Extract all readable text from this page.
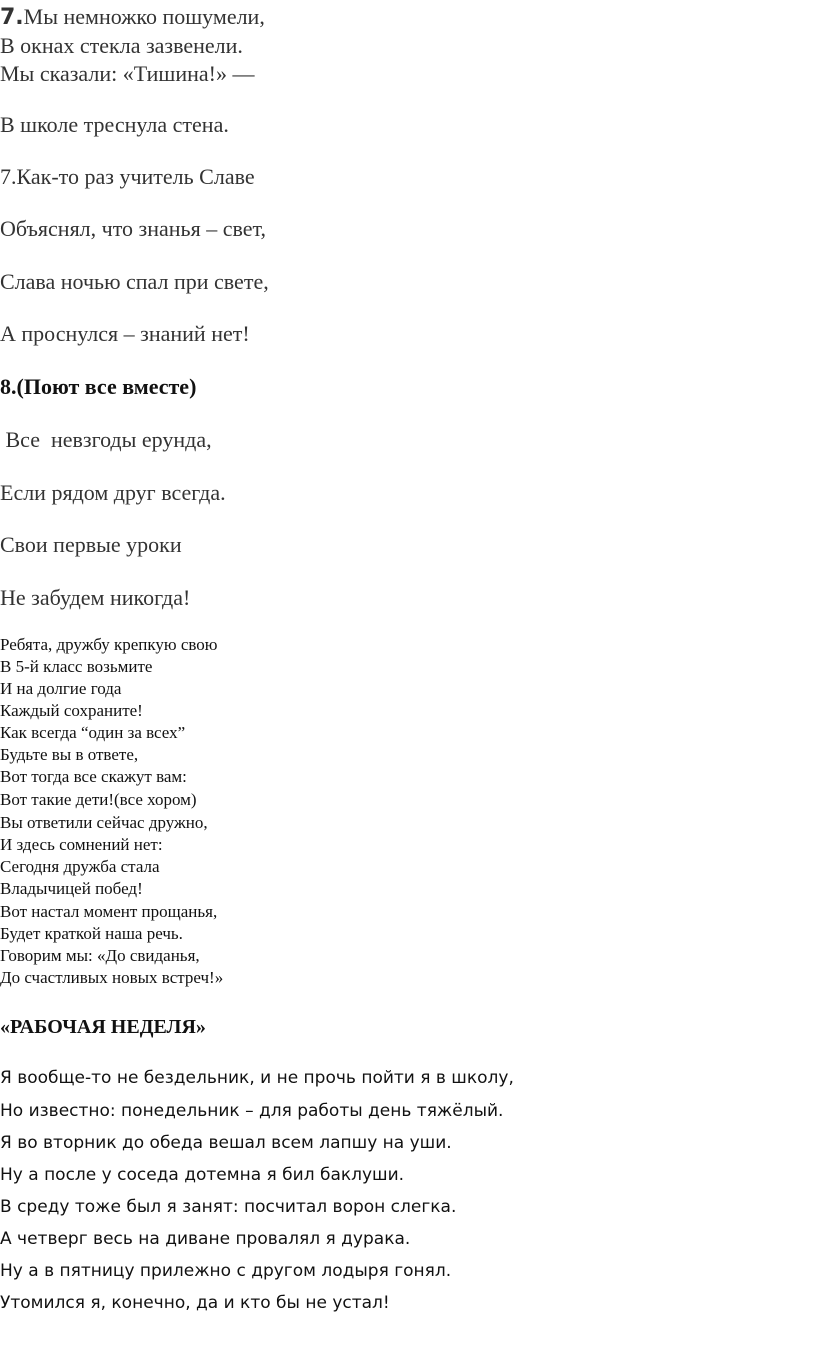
7.Мы немножко пошумели,
В окнах стекла зазвенели.
Мы сказали: «Тишина!» —
В школе треснула стена.
7.Как-то раз учитель Славе
Объяснял, что знанья – свет,
Слава ночью спал при свете,
А проснулся – знаний нет!
8.(Поют все вместе)
Все  невзгоды ерунда,
Если рядом друг всегда.
Свои первые уроки
Не забудем никогда!
Ребята, дружбу крепкую свою
В 5-й класс возьмите
И на долгие года
Каждый сохраните!
Как всегда “один за всех”
Будьте вы в ответе,
Вот тогда все скажут вам:
Вот такие дети!(все хором)
Вы ответили сейчас дружно,
И здесь сомнений нет:
Сегодня дружба стала
Владычицей побед!
Вот настал момент прощанья,
Будет краткой наша речь.
Говорим мы: «До свиданья,
До счастливых новых встреч!»
«РАБОЧАЯ НЕДЕЛЯ»
Я вообще-то не бездельник, и не прочь пойти я в школу,
Но известно: понедельник – для работы день тяжёлый.
Я во вторник до обеда вешал всем лапшу на уши.
Ну а после у соседа дотемна я бил баклуши.
В среду тоже был я занят: посчитал ворон слегка.
А четверг весь на диване провалял я дурака.
Ну а в пятницу прилежно с другом лодыря гонял.
Утомился я, конечно, да и кто бы не устал!
